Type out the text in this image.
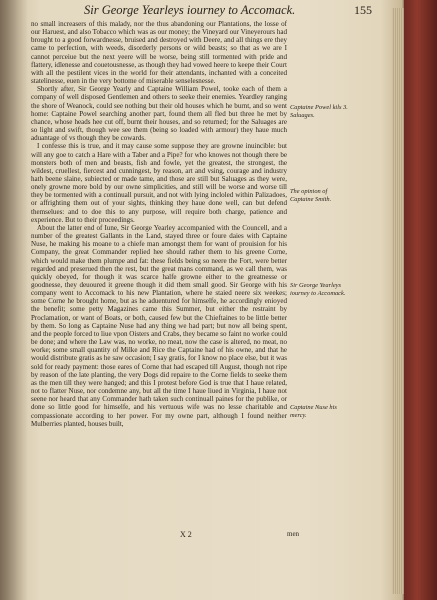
Sir George Yearleys iourney to Accomack.	155

no small increasers of this malady, nor the thus abandoning our Plantations, the losse of our Haruest, and also Tobacco which was as our money; the Vineyard our Vineyerours had brought to a good forwardnesse, bruised and destroyed with Deere, and all things ere they came to perfection, with weeds, disorderly persons or wild beasts; so that as we are I cannot perceiue but the next yeere will be worse, being still tormented with pride and flattery, idlenesse and couetousnesse, as though they had vowed heere to keepe their Court with all the pestilent vices in the world for their attendants, inchanted with a conceited statelinesse, euen in the very bottome of miserable senselesnesse.

Shortly after, Sir George Yearly and Captaine William Powel, tooke each of them a company of well disposed Gentlemen and others to seeke their enemies. Yeardley ranging the shore of Weanock, could see nothing but their old houses which he burnt, and so went home: Captaine Powel searching another part, found them all fled but three he met by chance, whose heads hee cut off, burnt their houses, and so returned; for the Saluages are so light and swift, though wee see them (being so loaded with armour) they haue much aduantage of vs though they be cowards.

I confesse this is true, and it may cause some suppose they are growne inuincible: but will any goe to catch a Hare with a Taber and a Pipe? for who knowes not though there be monsters both of men and beasts, fish and fowle, yet the greatest, the strongest, the wildest, cruellest, fiercest and cunningest, by reason, art and vsing, courage and industry hath beene slaine, subiected or made tame, and those are still but Saluages as they were, onely growne more bold by our owne simplicities, and still will be worse and worse till they be tormented with a continuall pursuit, and not with lying incloled within Palizadoes, or affrighting them out of your sights, thinking they haue done well, can but defend themselues: and to doe this to any purpose, will require both charge, patience and experience. But to their proceedings.

About the latter end of Iune, Sir George Yearley accompanied with the Councell, and a number of the greatest Gallants in the Land, stayed three or foure daies with Captaine Nuse, he making his moane to a chiefe man amongst them for want of prouision for his Company, the great Commander replied hee should rather them to his greene Corne, which would make them plumpe and fat: these fields being so neere the Fort, were better regarded and preserued then the rest, but the great mans command, as we call them, was quickly obeyed, for though it was scarce halfe growne either to the greatnesse or goodnesse, they deuoured it greene though it did them small good. Sir George with his company went to Accomack to his new Plantation, where he staied neere six weekes; some Corne he brought home, but as he aduentured for himselfe, he accordingly enioyed the benefit; some petty Magazines came this Summer, but either the restraint by Proclamation, or want of Boats, or both, caused few but the Chieftaines to be little better by them. So long as Captaine Nuse had any thing we had part; but now all being spent, and the people forced to liue vpon Oisters and Crabs, they became so faint no worke could be done; and where the Law was, no worke, no meat, now the case is altered, no meat, no worke; some small quantity of Milke and Rice the Captaine had of his owne, and that he would distribute gratis as he saw occasion; I say gratis, for I know no place else, but it was sold for ready payment: those eares of Corne that had escaped till August, though not ripe by reason of the late planting, the very Dogs did repaire to the Corne fields to seeke them as the men till they were hanged; and this I protest before God is true that I haue related, not to flatter Nuse, nor condemne any, but all the time I haue liued in Virginia, I haue not seene nor heard that any Commander hath taken such continuall paines for the publike, or done so little good for himselfe, and his vertuous wife was no lesse charitable and compassionate according to her power. For my owne part, although I found neither Mulberries planted, houses built,

Captaine Powel kils 3. Saluages.
The opinion of Captaine Smith.
Sir George Yearleys iourney to Accomack.
Captaine Nuse his mercy.
X 2	men
